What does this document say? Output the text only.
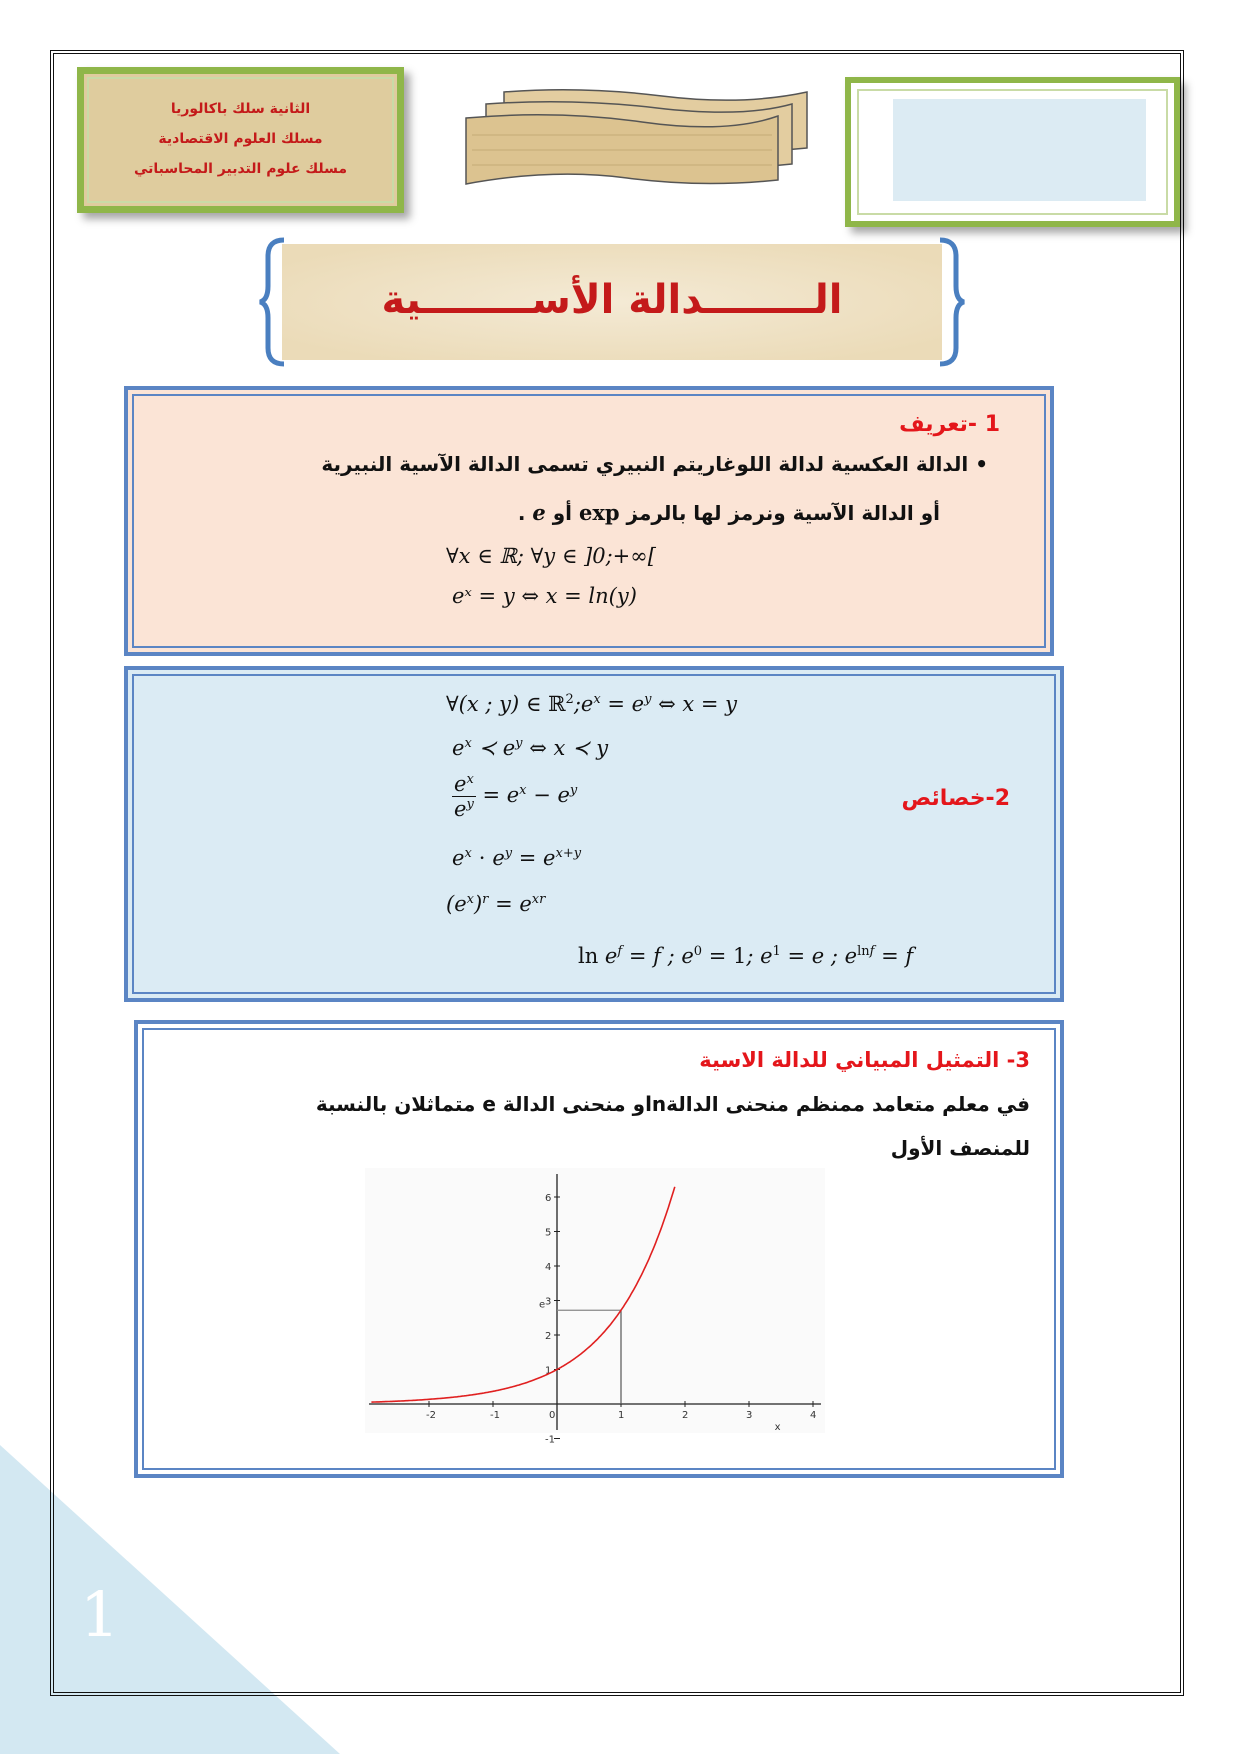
1
الثانية سلك باكالوريا
مسلك العلوم الاقتصادية
مسلك علوم التدبير المحاسباتي
الــــــــدالة الأســــــــية
1 -تعريف
• الدالة العكسية لدالة اللوغاريتم النبيري تسمى الدالة الآسية النبيرية
أو الدالة الآسية ونرمز لها بالرمز exp أو e .
∀x ∈ ℝ; ∀y ∈ ]0;+∞[
eˣ = y ⇔ x = ln(y)
2-خصائص
∀(x ; y) ∈ $ℝ^2;e^x = e^y$ ⇔ x = y
$e^x$ ≺ $e^y$ ⇔ x ≺ y
$\frac{e^x}{e^y} = e^x - e^y$
$e^x \cdot e^y = e^{x+y}$
$(e^x)^r = e^{xr}$
$\ln e^f = f$ ; $e^0 = 1$; $e^1 = e$ ; $e^{lnf} = f$
3- التمثيل المبياني للدالة الاسية
في معلم متعامد ممنظم منحنى الدالةlnو منحنى الدالة e متماثلان بالنسبة
للمنصف الأول
-2	-1	0	1	2	3	4
6
5
4
3
2
1
-1
x
e
